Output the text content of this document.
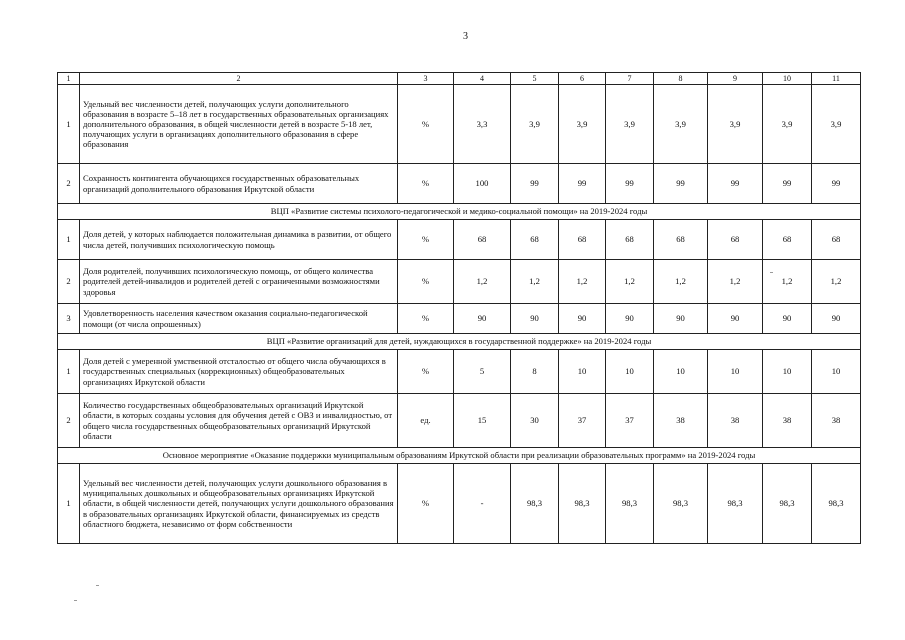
3
1	2	3	4	5	6	7	8	9	10	11
1	Удельный вес численности детей, получающих услуги дополнительного образования в возрасте 5–18 лет в государственных образовательных организациях дополнительного образования, в общей численности детей в возрасте 5-18 лет, получающих услуги в организациях дополнительного образования в сфере образования	%	3,3	3,9	3,9	3,9	3,9	3,9	3,9	3,9
2	Сохранность контингента обучающихся государственных образовательных организаций дополнительного образования Иркутской области	%	100	99	99	99	99	99	99	99
ВЦП «Развитие системы психолого-педагогической и медико-социальной помощи» на 2019-2024 годы										
1	Доля детей, у которых наблюдается положительная динамика в развитии, от общего числа детей, получивших психологическую помощь	%	68	68	68	68	68	68	68	68
2	Доля родителей, получивших психологическую помощь, от общего количества родителей детей-инвалидов и родителей детей с ограниченными возможностями здоровья	%	1,2	1,2	1,2	1,2	1,2	1,2	1,2	1,2
3	Удовлетворенность населения качеством оказания социально-педагогической помощи (от числа опрошенных)	%	90	90	90	90	90	90	90	90
ВЦП «Развитие организаций для детей, нуждающихся в государственной поддержке» на 2019-2024 годы										
1	Доля детей с умеренной умственной отсталостью от общего числа обучающихся в государственных специальных (коррекционных) общеобразовательных организациях Иркутской области	%	5	8	10	10	10	10	10	10
2	Количество государственных общеобразовательных организаций Иркутской области, в которых созданы условия для обучения детей с ОВЗ и инвалидностью, от общего числа государственных общеобразовательных организаций Иркутской области	ед.	15	30	37	37	38	38	38	38
Основное мероприятие «Оказание поддержки муниципальным образованиям Иркутской области при реализации образовательных программ» на 2019-2024 годы										
1	Удельный вес численности детей, получающих услуги дошкольного образования в муниципальных дошкольных и общеобразовательных организациях Иркутской области, в общей численности детей, получающих услуги дошкольного образования в образовательных организациях Иркутской области, финансируемых из средств областного бюджета, независимо от форм собственности	%	-	98,3	98,3	98,3	98,3	98,3	98,3	98,3
